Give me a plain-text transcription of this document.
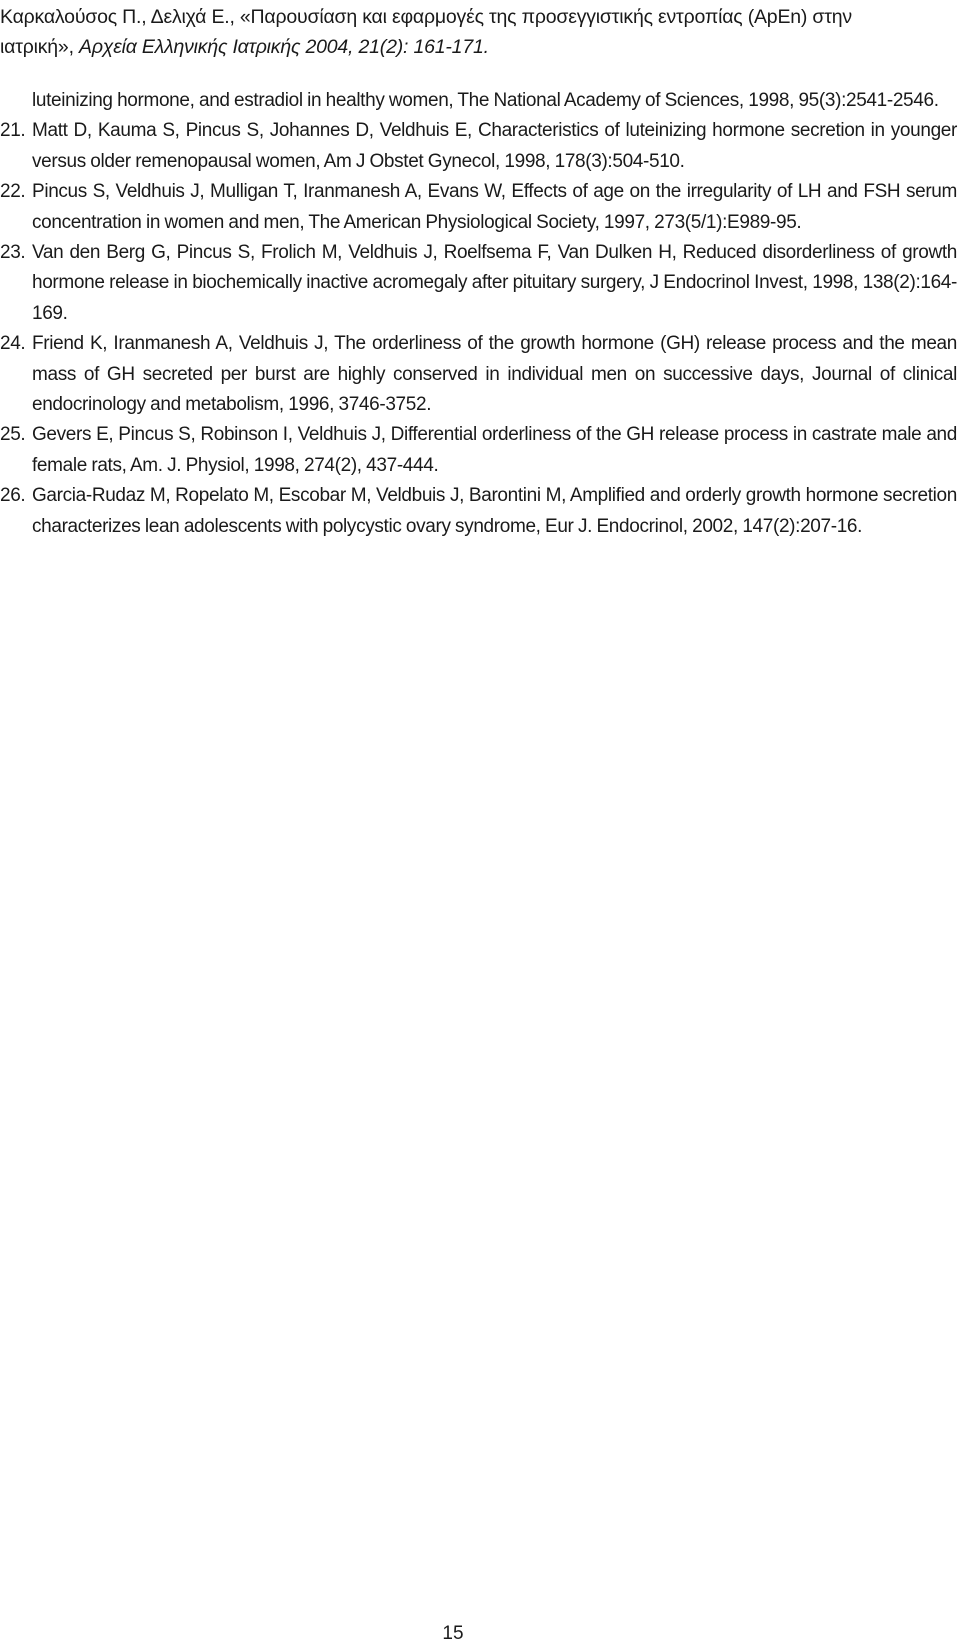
Καρκαλούσος Π., Δελιχά Ε., «Παρουσίαση και εφαρμογές της προσεγγιστικής εντροπίας (ApEn) στην
ιατρική», Αρχεία Ελληνικής Ιατρικής 2004, 21(2): 161-171.

luteinizing hormone, and estradiol in healthy women, The National Academy of Sciences, 1998, 95(3):2541-2546.

21. Matt D, Kauma S, Pincus S, Johannes D, Veldhuis E, Characteristics of luteinizing hormone secretion in younger versus older remenopausal women, Am J Obstet Gynecol, 1998, 178(3):504-510.

22. Pincus S, Veldhuis J, Mulligan T, Iranmanesh A, Evans W, Effects of age on the irregularity of LH and FSH serum concentration in women and men, The American Physiological Society, 1997, 273(5/1):E989-95.

23. Van den Berg G, Pincus S, Frolich M, Veldhuis J, Roelfsema F, Van Dulken H, Reduced disorderliness of growth hormone release in biochemically inactive acromegaly after pituitary surgery, J Endocrinol Invest, 1998, 138(2):164-169.

24. Friend K, Iranmanesh A, Veldhuis J, The orderliness of the growth hormone (GH) release process and the mean mass of GH secreted per burst are highly conserved in individual men on successive days, Journal of clinical endocrinology and metabolism, 1996, 3746-3752.

25. Gevers E, Pincus S, Robinson I, Veldhuis J, Differential orderliness of the GH release process in castrate male and female rats, Am. J. Physiol, 1998, 274(2), 437-444.

26. Garcia-Rudaz M, Ropelato M, Escobar M, Veldbuis J, Barontini M, Amplified and orderly growth hormone secretion characterizes lean adolescents with polycystic ovary syndrome, Eur J. Endocrinol, 2002, 147(2):207-16.

15
